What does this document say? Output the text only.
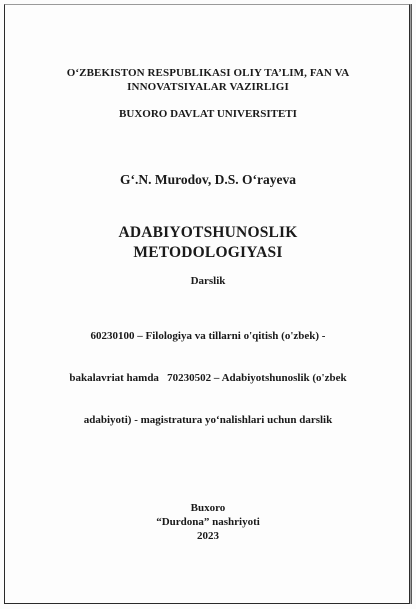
O‘ZBEKISTON RESPUBLIKASI OLIY TA’LIM, FAN VA
INNOVATSIYALAR VAZIRLIGI
BUXORO DAVLAT UNIVERSITETI
G‘.N. Murodov, D.S. O‘rayeva
ADABIYOTSHUNOSLIK
METODOLOGIYASI
Darslik

60230100 – Filologiya va tillarni o'qitish (o'zbek) -

bakalavriat hamda   70230502 – Adabiyotshunoslik (o'zbek

adabiyoti) - magistratura yo‘nalishlari uchun darslik

Buxoro
“Durdona” nashriyoti
2023
